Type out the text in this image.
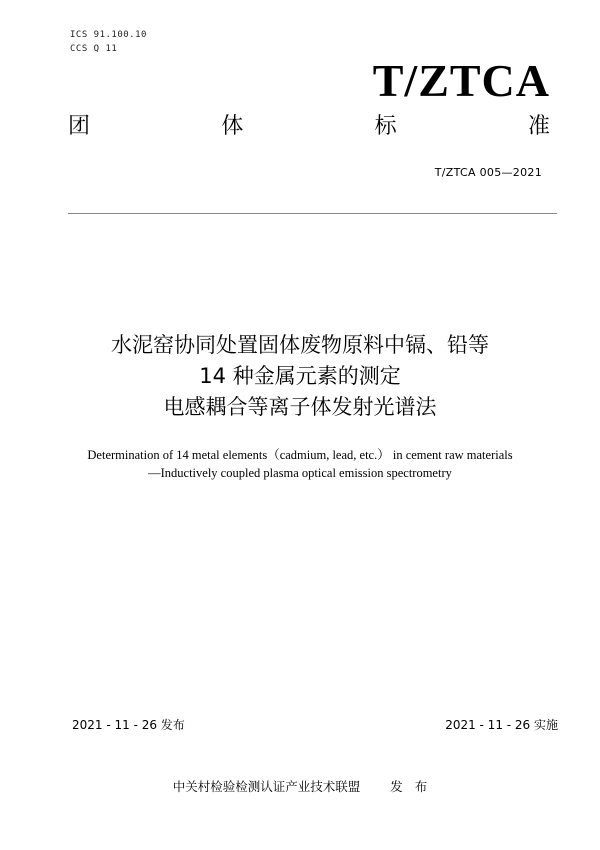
ICS 91.100.10
CCS Q 11
T/ZTCA
团	体	标	准
T/ZTCA 005—2021
水泥窑协同处置固体废物原料中镉、铅等
14 种金属元素的测定
电感耦合等离子体发射光谱法
Determination of 14 metal elements（cadmium, lead, etc.） in cement raw materials
—Inductively coupled plasma optical emission spectrometry
2021 - 11 - 26 发布	2021 - 11 - 26 实施
中关村检验检测认证产业技术联盟 发 布
